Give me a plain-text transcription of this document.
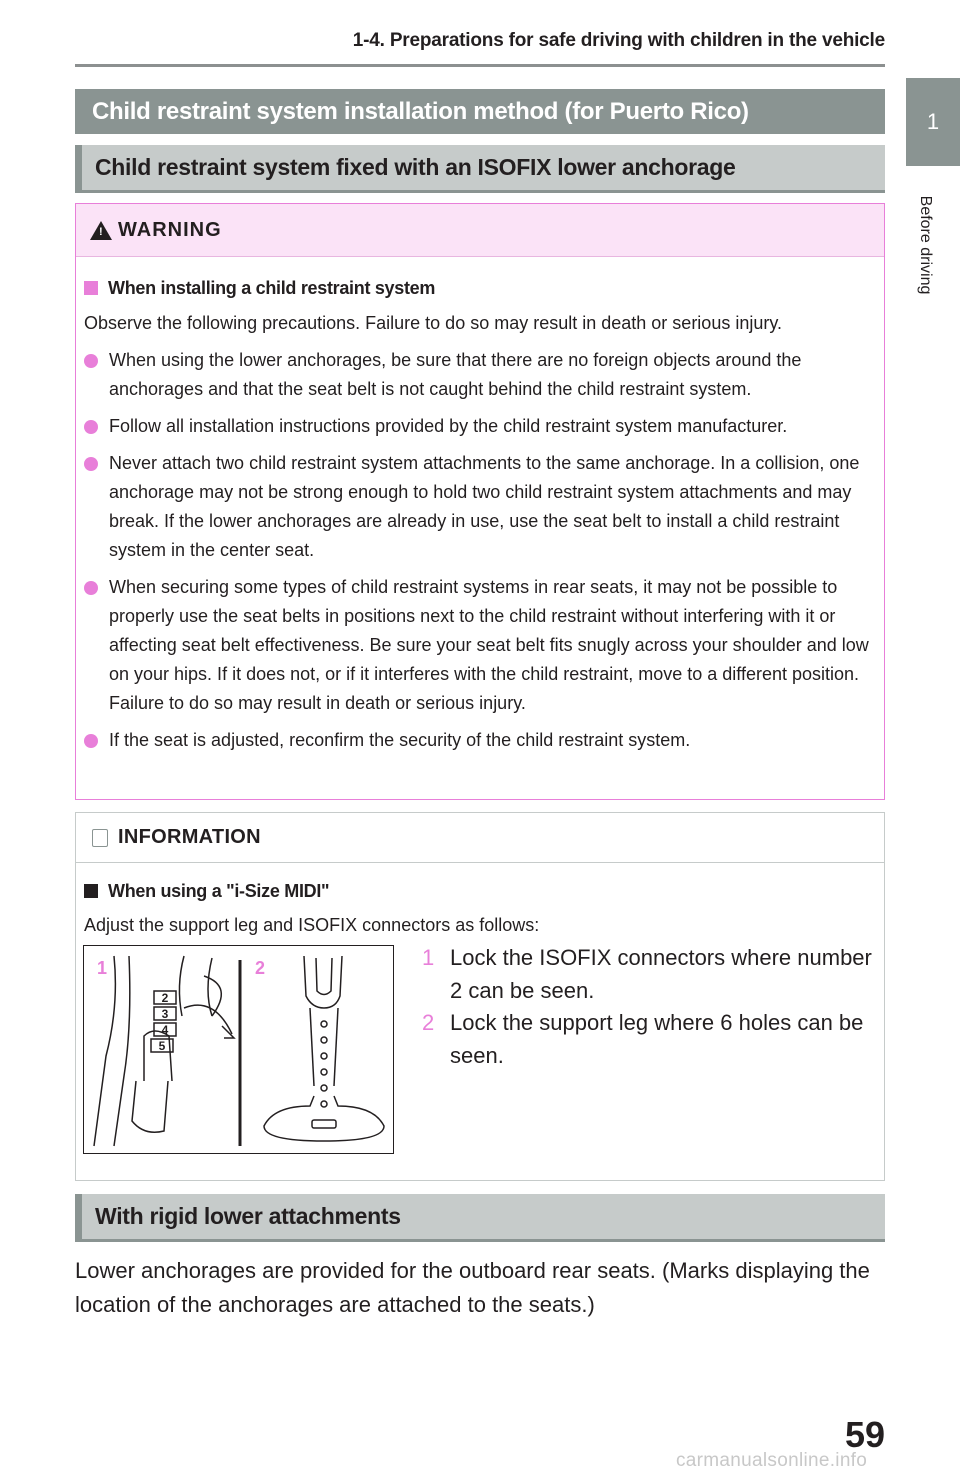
1-4. Preparations for safe driving with children in the vehicle
1
Before driving
Child restraint system installation method (for Puerto Rico)
Child restraint system fixed with an ISOFIX lower anchorage
! WARNING
When installing a child restraint system
Observe the following precautions. Failure to do so may result in death or serious injury.
When using the lower anchorages, be sure that there are no foreign objects around the anchorages and that the seat belt is not caught behind the child restraint system.
Follow all installation instructions provided by the child restraint system manufacturer.
Never attach two child restraint system attachments to the same anchorage. In a collision, one anchorage may not be strong enough to hold two child restraint system attachments and may break. If the lower anchorages are already in use, use the seat belt to install a child restraint system in the center seat.
When securing some types of child restraint systems in rear seats, it may not be possible to properly use the seat belts in positions next to the child restraint without interfering with it or affecting seat belt effectiveness. Be sure your seat belt fits snugly across your shoulder and low on your hips. If it does not, or if it interferes with the child restraint, move to a different position. Failure to do so may result in death or serious injury.
If the seat is adjusted, reconfirm the security of the child restraint system.
INFORMATION
When using a "i-Size MIDI"
Adjust the support leg and ISOFIX connectors as follows:
1	2
2
3
4
5
1 Lock the ISOFIX connectors where number 2 can be seen.
2 Lock the support leg where 6 holes can be seen.
With rigid lower attachments
Lower anchorages are provided for the outboard rear seats. (Marks displaying the location of the anchorages are attached to the seats.)
59
carmanualsonline.info
